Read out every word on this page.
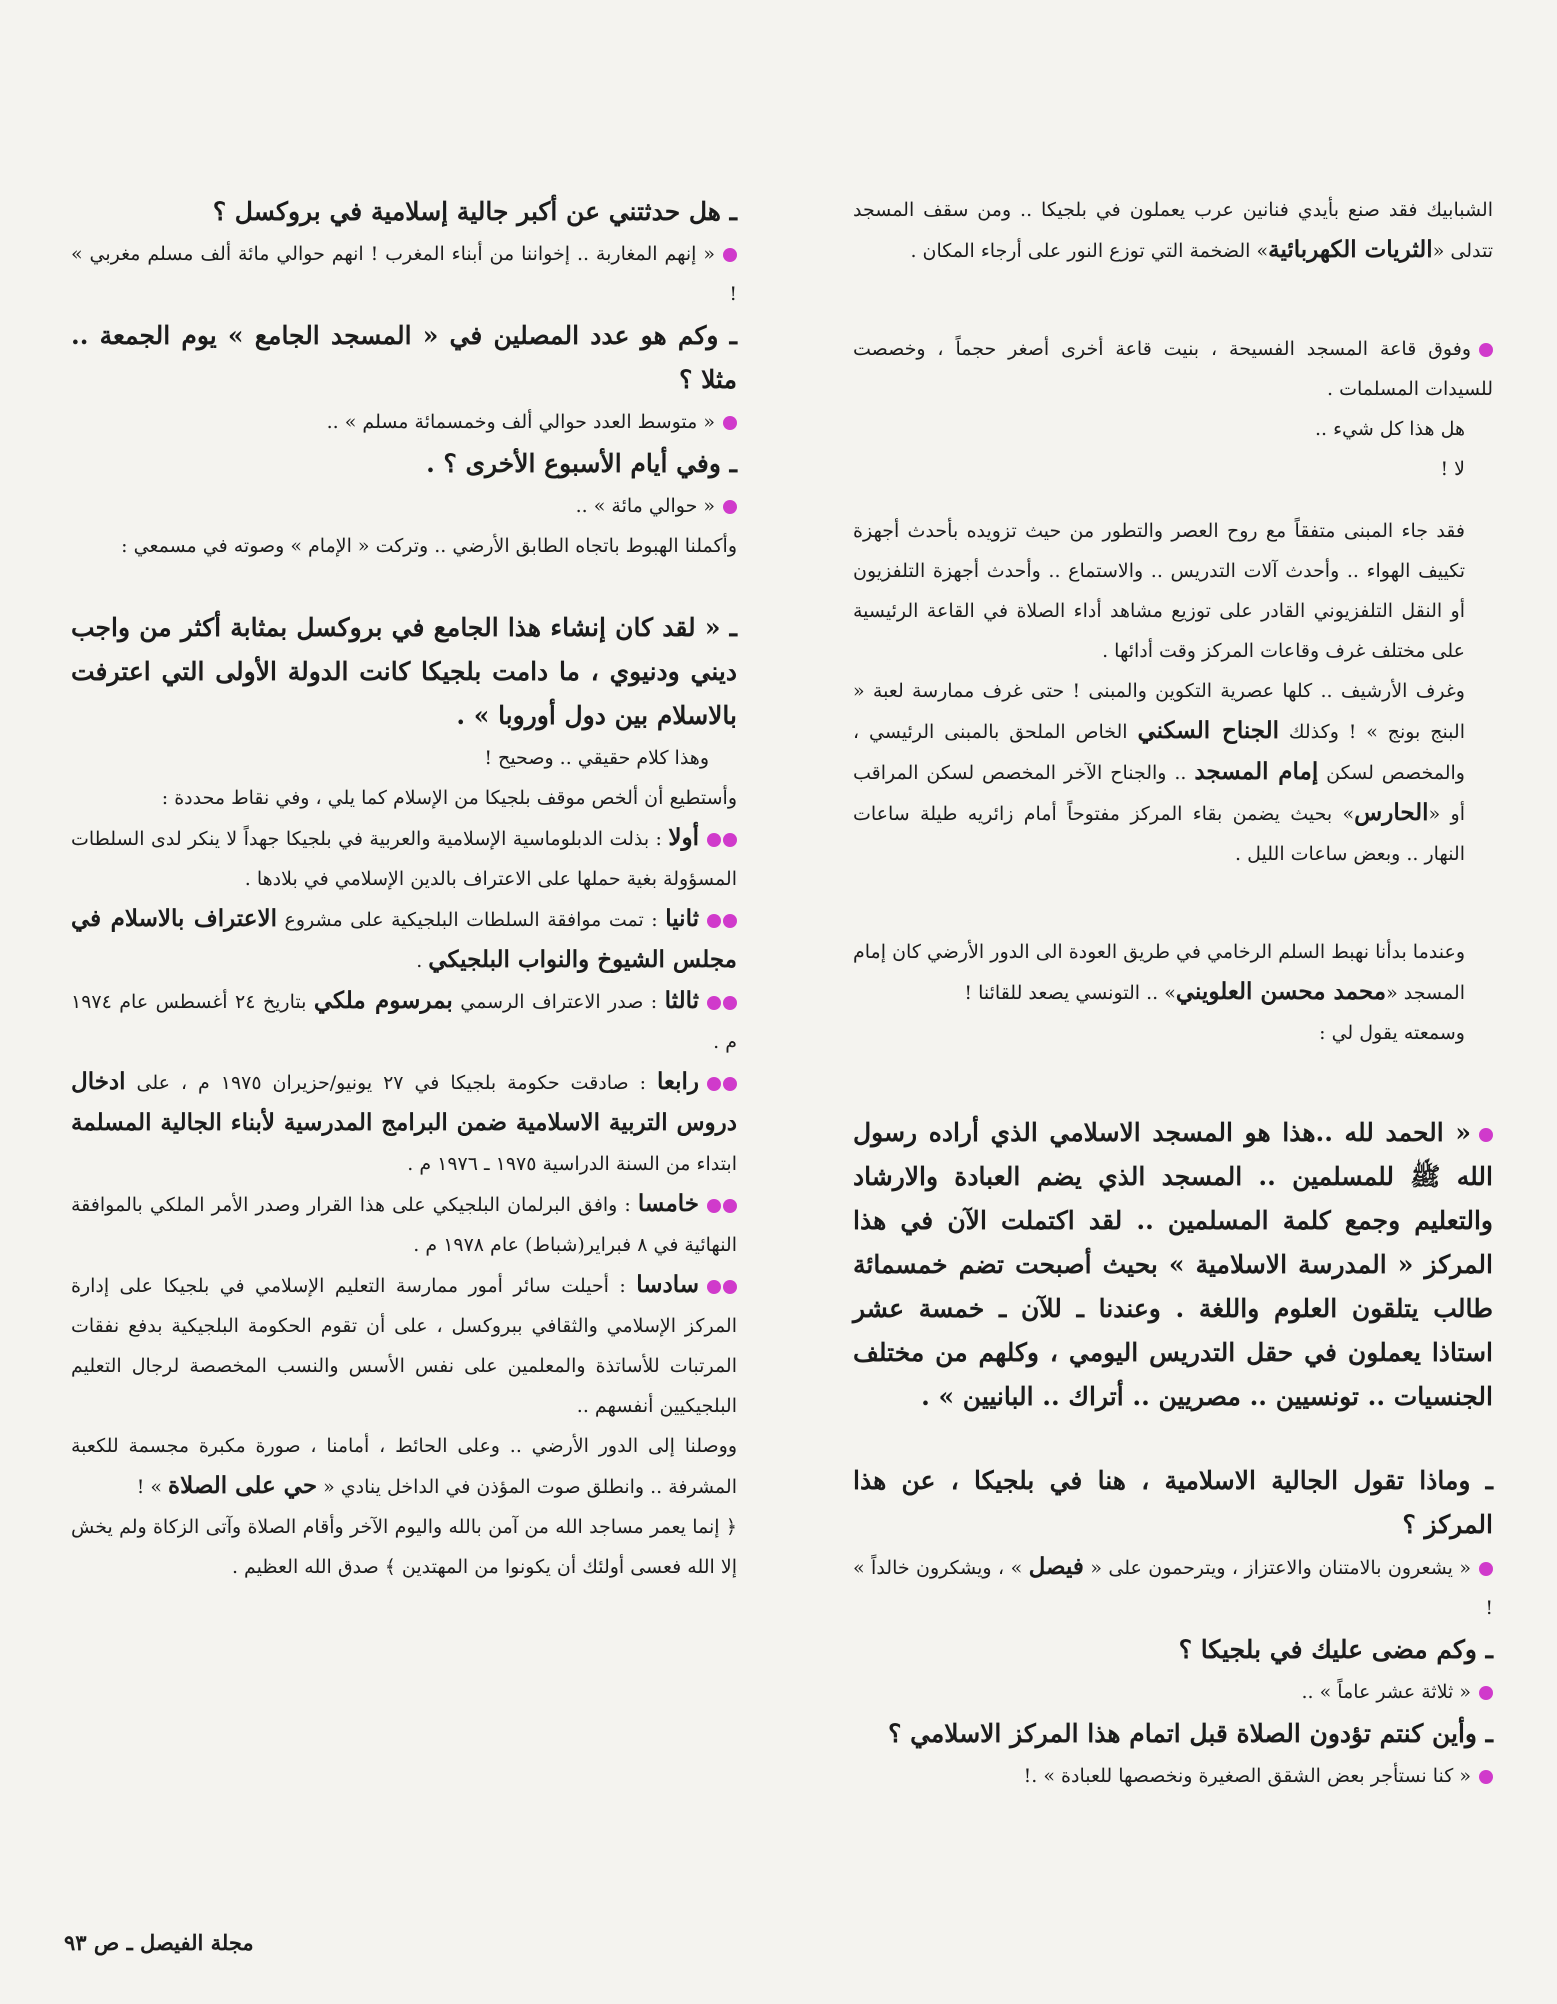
الشبابيك فقد صنع بأيدي فنانين عرب يعملون في بلجيكا .. ومن سقف المسجد تتدلى «الثريات الكهربائية» الضخمة التي توزع النور على أرجاء المكان .

وفوق قاعة المسجد الفسيحة ، بنيت قاعة أخرى أصغر حجماً ، وخصصت للسيدات المسلمات .

هل هذا كل شيء ..

لا !

فقد جاء المبنى متفقاً مع روح العصر والتطور من حيث تزويده بأحدث أجهزة تكييف الهواء .. وأحدث آلات التدريس .. والاستماع .. وأحدث أجهزة التلفزيون أو النقل التلفزيوني القادر على توزيع مشاهد أداء الصلاة في القاعة الرئيسية على مختلف غرف وقاعات المركز وقت أدائها .

وغرف الأرشيف .. كلها عصرية التكوين والمبنى ! حتى غرف ممارسة لعبة « البنج بونج » ! وكذلك الجناح السكني الخاص الملحق بالمبنى الرئيسي ، والمخصص لسكن إمام المسجد .. والجناح الآخر المخصص لسكن المراقب أو «الحارس» بحيث يضمن بقاء المركز مفتوحاً أمام زائريه طيلة ساعات النهار .. وبعض ساعات الليل .

وعندما بدأنا نهبط السلم الرخامي في طريق العودة الى الدور الأرضي كان إمام المسجد «محمد محسن العلويني» .. التونسي يصعد للقائنا !

وسمعته يقول لي :

« الحمد لله ..هذا هو المسجد الاسلامي الذي أراده رسول الله ﷺ للمسلمين .. المسجد الذي يضم العبادة والارشاد والتعليم وجمع كلمة المسلمين .. لقد اكتملت الآن في هذا المركز « المدرسة الاسلامية » بحيث أصبحت تضم خمسمائة طالب يتلقون العلوم واللغة . وعندنا ـ للآن ـ خمسة عشر استاذا يعملون في حقل التدريس اليومي ، وكلهم من مختلف الجنسيات .. تونسيين .. مصريين .. أتراك .. البانيين » .

ـ وماذا تقول الجالية الاسلامية ، هنا في بلجيكا ، عن هذا المركز ؟

« يشعرون بالامتنان والاعتزاز ، ويترحمون على « فيصل » ، ويشكرون خالداً » !

ـ وكم مضى عليك في بلجيكا ؟

« ثلاثة عشر عاماً » ..

ـ وأين كنتم تؤدون الصلاة قبل اتمام هذا المركز الاسلامي ؟

« كنا نستأجر بعض الشقق الصغيرة ونخصصها للعبادة » .!

ـ هل حدثتني عن أكبر جالية إسلامية في بروكسل ؟

« إنهم المغاربة .. إخواننا من أبناء المغرب ! انهم حوالي مائة ألف مسلم مغربي » !

ـ وكم هو عدد المصلين في « المسجد الجامع » يوم الجمعة .. مثلا ؟

« متوسط العدد حوالي ألف وخمسمائة مسلم » ..

ـ وفي أيام الأسبوع الأخرى ؟ .

« حوالي مائة » ..

وأكملنا الهبوط باتجاه الطابق الأرضي .. وتركت « الإمام » وصوته في مسمعي :

ـ « لقد كان إنشاء هذا الجامع في بروكسل بمثابة أكثر من واجب ديني ودنيوي ، ما دامت بلجيكا كانت الدولة الأولى التي اعترفت بالاسلام بين دول أوروبا » .

وهذا كلام حقيقي .. وصحيح !

وأستطيع أن ألخص موقف بلجيكا من الإسلام كما يلي ، وفي نقاط محددة :

أولا : بذلت الدبلوماسية الإسلامية والعربية في بلجيكا جهداً لا ينكر لدى السلطات المسؤولة بغية حملها على الاعتراف بالدين الإسلامي في بلادها .

ثانيا : تمت موافقة السلطات البلجيكية على مشروع الاعتراف بالاسلام في مجلس الشيوخ والنواب البلجيكي .

ثالثا : صدر الاعتراف الرسمي بمرسوم ملكي بتاريخ ٢٤ أغسطس عام ١٩٧٤ م .

رابعا : صادقت حكومة بلجيكا في ٢٧ يونيو/حزيران ١٩٧٥ م ، على ادخال دروس التربية الاسلامية ضمن البرامج المدرسية لأبناء الجالية المسلمة ابتداء من السنة الدراسية ١٩٧٥ ـ ١٩٧٦ م .

خامسا : وافق البرلمان البلجيكي على هذا القرار وصدر الأمر الملكي بالموافقة النهائية في ٨ فبراير(شباط) عام ١٩٧٨ م .

سادسا : أحيلت سائر أمور ممارسة التعليم الإسلامي في بلجيكا على إدارة المركز الإسلامي والثقافي ببروكسل ، على أن تقوم الحكومة البلجيكية بدفع نفقات المرتبات للأساتذة والمعلمين على نفس الأسس والنسب المخصصة لرجال التعليم البلجيكيين أنفسهم ..

ووصلنا إلى الدور الأرضي .. وعلى الحائط ، أمامنا ، صورة مكبرة مجسمة للكعبة المشرفة .. وانطلق صوت المؤذن في الداخل ينادي « حي على الصلاة » !

﴿ إنما يعمر مساجد الله من آمن بالله واليوم الآخر وأقام الصلاة وآتى الزكاة ولم يخش إلا الله فعسى أولئك أن يكونوا من المهتدين ﴾ صدق الله العظيم .

مجلة الفيصل ـ ص ٩٣
